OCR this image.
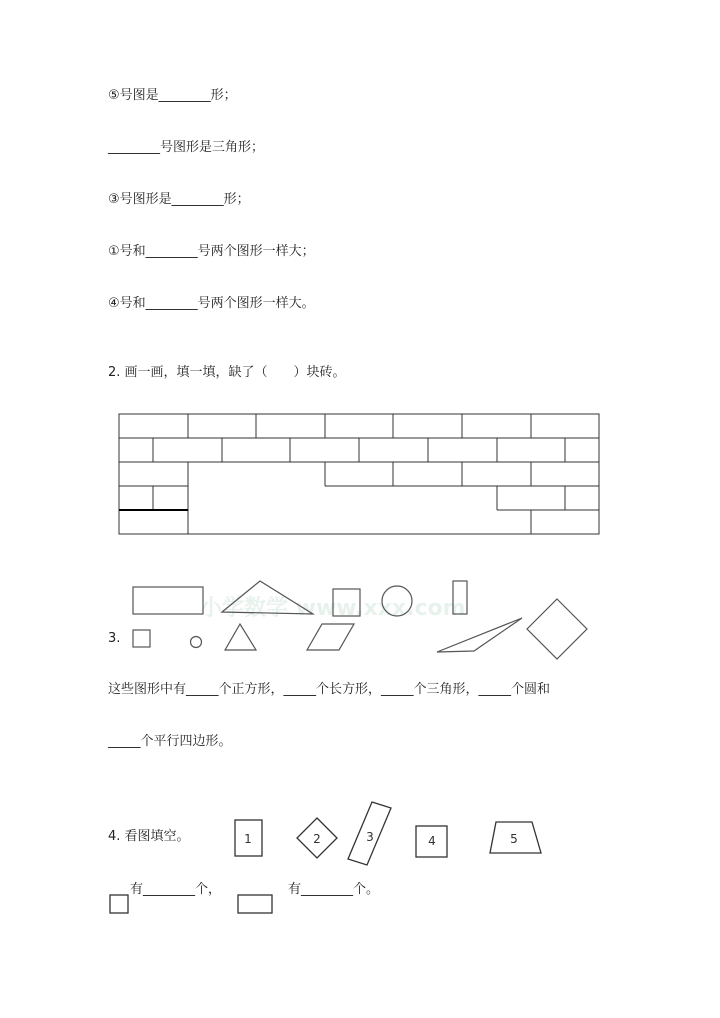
⑤号图是________形；
________号图形是三角形；
③号图形是________形；
①号和________号两个图形一样大；
④号和________号两个图形一样大。
2. 画一画，填一填，缺了（　　）块砖。
小学数学 www.xxx.com
3.
这些图形中有_____个正方形，_____个长方形，_____个三角形，_____个圆和
_____个平行四边形。
4. 看图填空。	1	2	3	4	5
有________个，	有________个。
